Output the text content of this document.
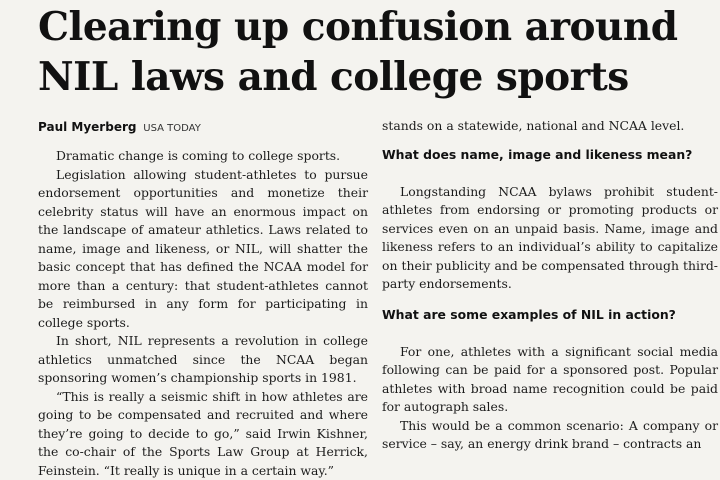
Clearing up confusion around
NIL laws and college sports
Paul Myerberg USA TODAY

Dramatic change is coming to college sports.

Legislation allowing student-athletes to pursue endorsement opportunities and monetize their celebrity status will have an enormous impact on the landscape of amateur athletics. Laws related to name, image and likeness, or NIL, will shatter the basic concept that has defined the NCAA model for more than a century: that student-athletes cannot be reimbursed in any form for participating in college sports.

In short, NIL represents a revolution in college athletics unmatched since the NCAA began sponsoring women’s championship sports in 1981.

“This is really a seismic shift in how athletes are going to be compensated and recruited and where they’re going to decide to go,” said Irwin Kishner, the co-chair of the Sports Law Group at Herrick, Feinstein. “It really is unique in a certain way.”

stands on a statewide, national and NCAA level.

What does name, image and likeness mean?

Longstanding NCAA bylaws prohibit student-athletes from endorsing or promoting products or services even on an unpaid basis. Name, image and likeness refers to an individual’s ability to capitalize on their publicity and be compensated through third-party endorsements.

What are some examples of NIL in action?

For one, athletes with a significant social media following can be paid for a sponsored post. Popular athletes with broad name recognition could be paid for autograph sales.

This would be a common scenario: A company or service – say, an energy drink brand – contracts an
